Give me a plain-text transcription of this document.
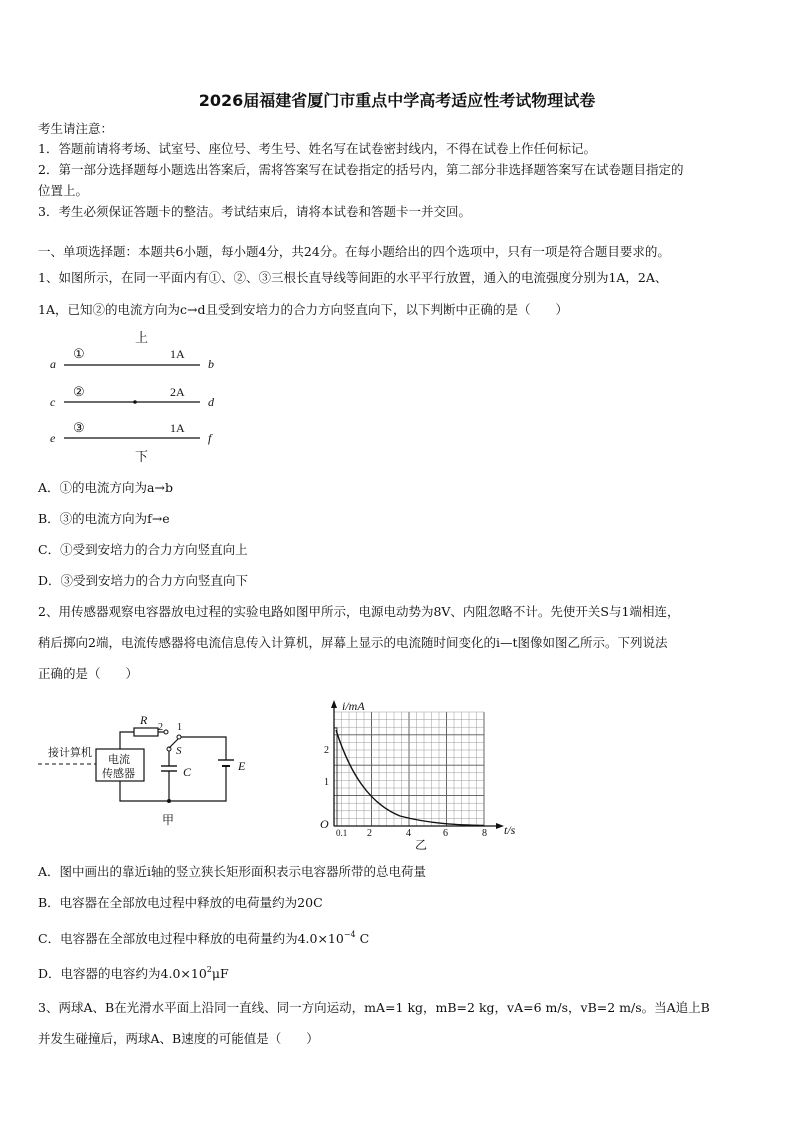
2026届福建省厦门市重点中学高考适应性考试物理试卷
考生请注意：
1．答题前请将考场、试室号、座位号、考生号、姓名写在试卷密封线内，不得在试卷上作任何标记。
2．第一部分选择题每小题选出答案后，需将答案写在试卷指定的括号内，第二部分非选择题答案写在试卷题目指定的
位置上。
3．考生必须保证答题卡的整洁。考试结束后，请将本试卷和答题卡一并交回。
一、单项选择题：本题共6小题，每小题4分，共24分。在每小题给出的四个选项中，只有一项是符合题目要求的。
1、如图所示，在同一平面内有①、②、③三根长直导线等间距的水平平行放置，通入的电流强度分别为1A，2A、
1A，已知②的电流方向为c→d且受到安培力的合力方向竖直向下，以下判断中正确的是（　　）
上
a
①	1A
b
c
②	2A
d
e
③	1A
f
下
A．①的电流方向为a→b
B．③的电流方向为f→e
C．①受到安培力的合力方向竖直向上
D．③受到安培力的合力方向竖直向下
2、用传感器观察电容器放电过程的实验电路如图甲所示，电源电动势为8V、内阻忽略不计。先使开关S与1端相连，
稍后掷向2端，电流传感器将电流信息传入计算机，屏幕上显示的电流随时间变化的i—t图像如图乙所示。下列说法
正确的是（　　）
接计算机
电流
传感器
R
2 1
S
C	E
甲
i/mA
t/s
O
1
2
0.1 2	4	6	8
乙
A．图中画出的靠近i轴的竖立狭长矩形面积表示电容器所带的总电荷量
B．电容器在全部放电过程中释放的电荷量约为20C
C．电容器在全部放电过程中释放的电荷量约为$4.0\times 10^{-4}$ C
D．电容器的电容约为$4.0\times 10^2\mu F$
3、两球A、B在光滑水平面上沿同一直线、同一方向运动，mA=1 kg，mB=2 kg，vA=6 m/s，vB=2 m/s。当A追上B
并发生碰撞后，两球A、B速度的可能值是（　　）
